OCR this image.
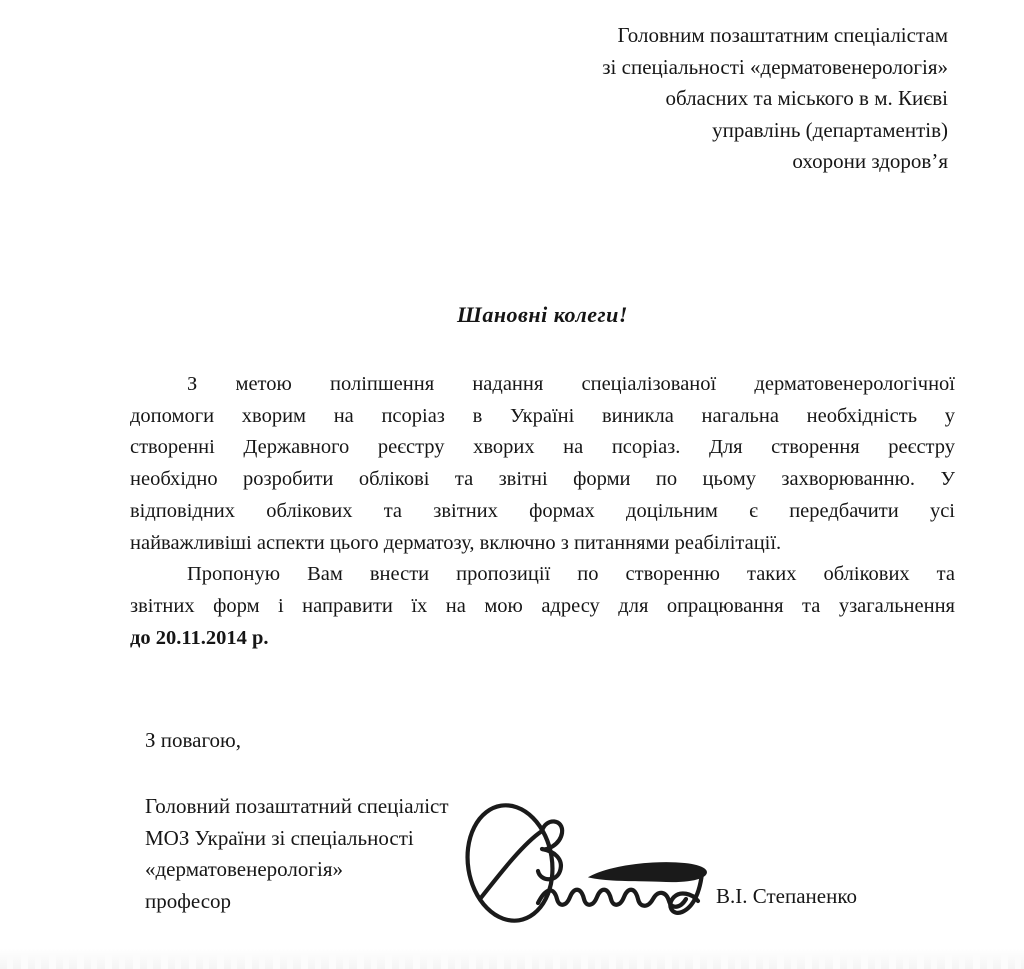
Головним позаштатним спеціалістам
зі спеціальності «дерматовенерологія»
обласних та міського в м. Києві
управлінь (департаментів)
охорони здоров’я
Шановні колеги!
З метою поліпшення надання спеціалізованої дерматовенерологічної
допомоги хворим на псоріаз в Україні виникла нагальна необхідність у
створенні Державного реєстру хворих на псоріаз. Для створення реєстру
необхідно розробити облікові та звітні форми по цьому захворюванню. У
відповідних облікових та звітних формах доцільним є передбачити усі
найважливіші аспекти цього дерматозу, включно з питаннями реабілітації.
Пропоную Вам внести пропозиції по створенню таких облікових та
звітних форм і направити їх на мою адресу для опрацювання та узагальнення
до 20.11.2014 р.
З повагою,
Головний позаштатний спеціаліст
МОЗ України зі спеціальності
«дерматовенерологія»
професор	В.І. Степаненко
